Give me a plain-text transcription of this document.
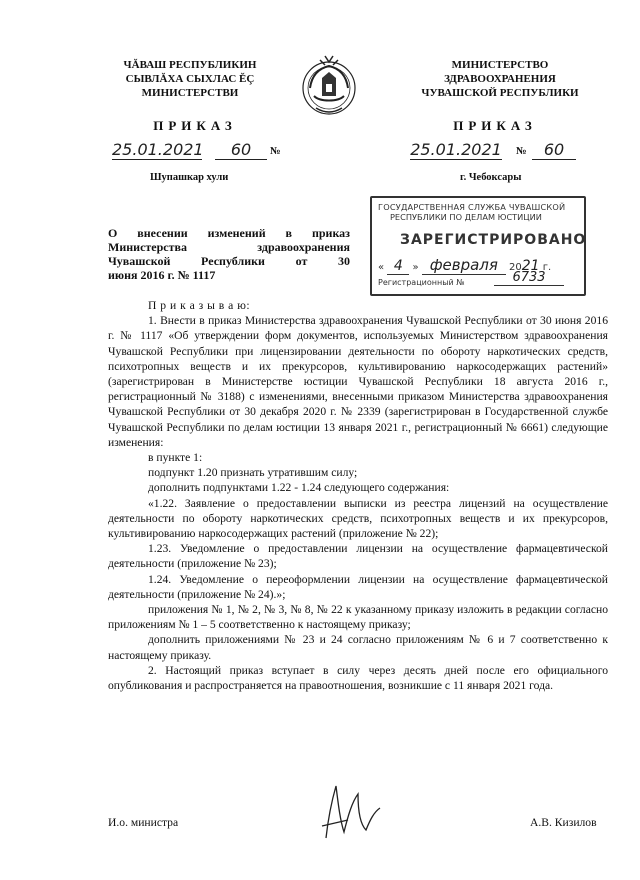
ЧĂВАШ РЕСПУБЛИКИН
СЫВЛĂХА СЫХЛАС ĔÇ
МИНИСТЕРСТВИ
МИНИСТЕРСТВО
ЗДРАВООХРАНЕНИЯ
ЧУВАШСКОЙ РЕСПУБЛИКИ
ПРИКАЗ	ПРИКАЗ
25.01.2021	60	№	25.01.2021 №	60
Шупашкар хули	г. Чебоксары
О внесении изменений в приказ
Министерства здравоохранения
Чувашской Республики от 30
июня 2016 г. № 1117
ГОСУДАРСТВЕННАЯ СЛУЖБА ЧУВАШСКОЙ
РЕСПУБЛИКИ ПО ДЕЛАМ ЮСТИЦИИ
ЗАРЕГИСТРИРОВАНО
« 4 » февраля 2021 г.
Регистрационный №	6733

П р и к а з ы в а ю:

1. Внести в приказ Министерства здравоохранения Чувашской Республики от 30 июня 2016 г. № 1117 «Об утверждении форм документов, используемых Министерством здравоохранения Чувашской Республики при лицензировании деятельности по обороту наркотических средств, психотропных веществ и их прекурсоров, культивированию наркосодержащих растений» (зарегистрирован в Министерстве юстиции Чувашской Республики 18 августа 2016 г., регистрационный № 3188) с изменениями, внесенными приказом Министерства здравоохранения Чувашской Республики от 30 декабря 2020 г. № 2339 (зарегистрирован в Государственной службе Чувашской Республики по делам юстиции 13 января 2021 г., регистрационный № 6661) следующие изменения:

в пункте 1:

подпункт 1.20 признать утратившим силу;

дополнить подпунктами 1.22 - 1.24 следующего содержания:

«1.22. Заявление о предоставлении выписки из реестра лицензий на осуществление деятельности по обороту наркотических средств, психотропных веществ и их прекурсоров, культивированию наркосодержащих растений (приложение № 22);

1.23. Уведомление о предоставлении лицензии на осуществление фармацевтической деятельности (приложение № 23);

1.24. Уведомление о переоформлении лицензии на осуществление фармацевтической деятельности (приложение № 24).»;

приложения № 1, № 2, № 3, № 8, № 22 к указанному приказу изложить в редакции согласно приложениям № 1 – 5 соответственно к настоящему приказу;

дополнить приложениями № 23 и 24 согласно приложениям № 6 и 7 соответственно к настоящему приказу.

2. Настоящий приказ вступает в силу через десять дней после его официального опубликования и распространяется на правоотношения, возникшие с 11 января 2021 года.

И.о. министра	А.В. Кизилов
